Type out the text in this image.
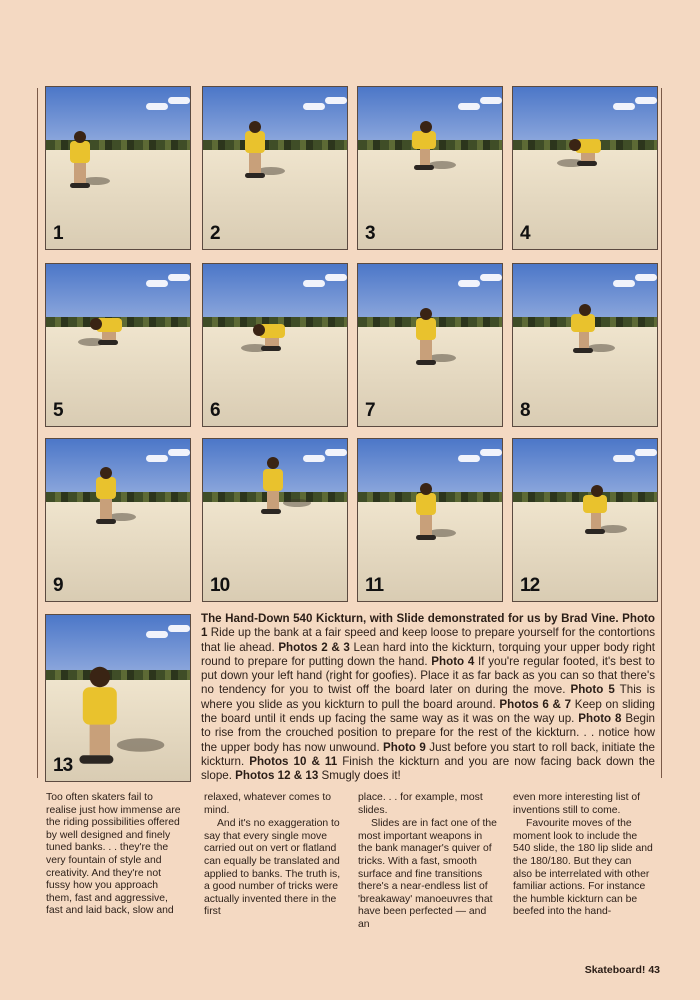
1	2	3	4
5	6	7	8
9	10	11	12
13
The Hand-Down 540 Kickturn, with Slide demonstrated for us by Brad Vine. Photo 1 Ride up the bank at a fair speed and keep loose to prepare yourself for the contortions that lie ahead. Photos 2 & 3 Lean hard into the kickturn, torquing your upper body right round to prepare for putting down the hand. Photo 4 If you're regular footed, it's best to put down your left hand (right for goofies). Place it as far back as you can so that there's no tendency for you to twist off the board later on during the move. Photo 5 This is where you slide as you kickturn to pull the board around. Photos 6 & 7 Keep on sliding the board until it ends up facing the same way as it was on the way up. Photo 8 Begin to rise from the crouched position to prepare for the rest of the kickturn. . . notice how the upper body has now unwound. Photo 9 Just before you start to roll back, initiate the kickturn. Photos 10 & 11 Finish the kickturn and you are now facing back down the slope. Photos 12 & 13 Smugly does it!

Too often skaters fail to realise just how immense are the riding possibilities offered by well designed and finely tuned banks. . . they're the very fountain of style and creativity. And they're not fussy how you approach them, fast and aggressive, fast and laid back, slow and

relaxed, whatever comes to mind.

And it's no exaggeration to say that every single move carried out on vert or flatland can equally be translated and applied to banks. The truth is, a good number of tricks were actually invented there in the first

place. . . for example, most slides.

Slides are in fact one of the most important weapons in the bank manager's quiver of tricks. With a fast, smooth surface and fine transitions there's a near-endless list of 'breakaway' manoeuvres that have been perfected — and an

even more interesting list of inventions still to come.

Favourite moves of the moment look to include the 540 slide, the 180 lip slide and the 180/180. But they can also be interrelated with other familiar actions. For instance the humble kickturn can be beefed into the hand-

Skateboard! 43
